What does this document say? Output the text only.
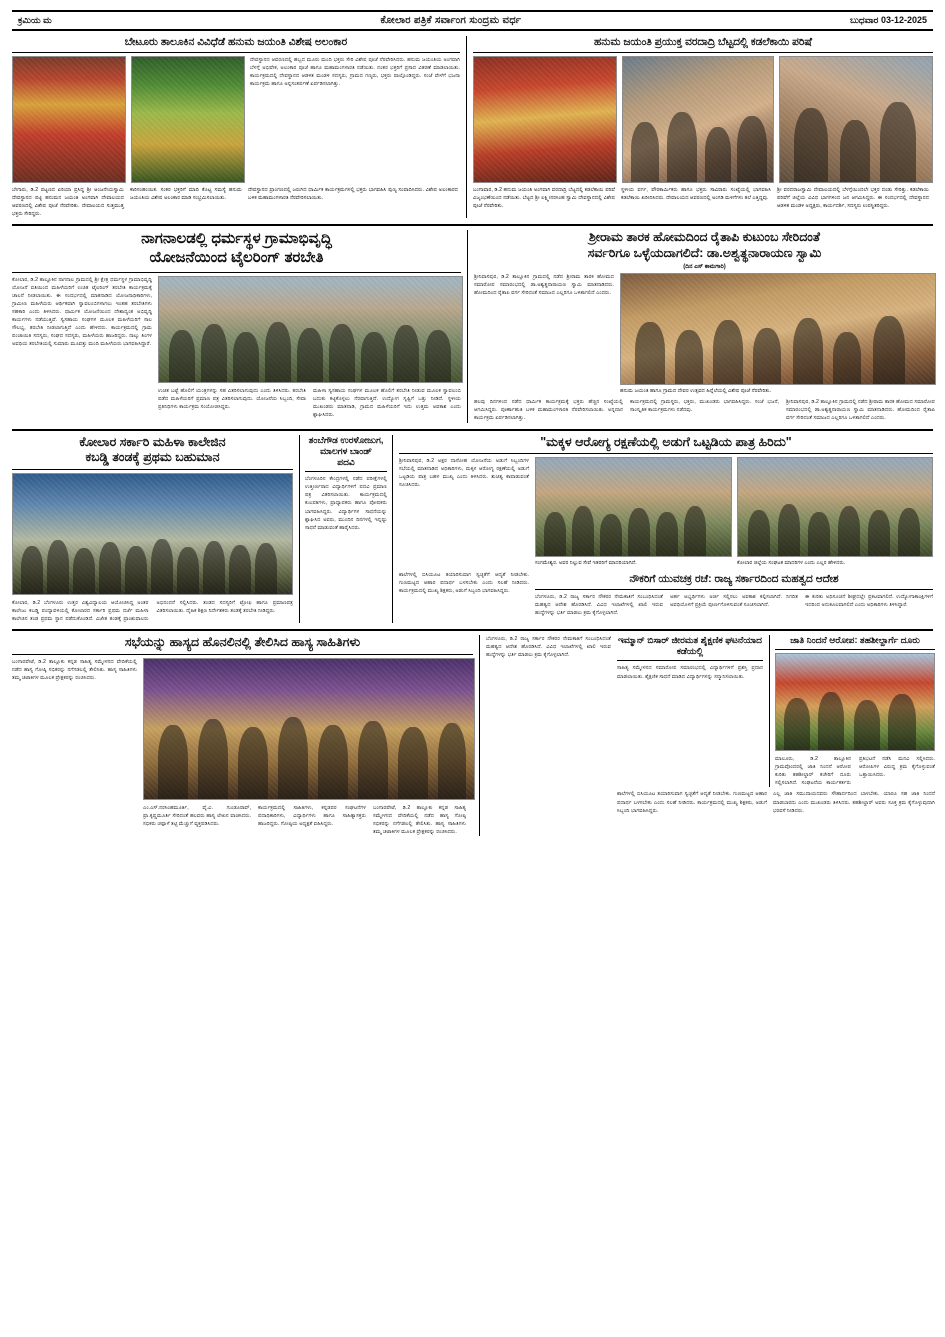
ಕ್ರಮಿಯ ಮ	ಕೋಲಾರ ಪತ್ರಿಕೆ ಸರ್ವಾಂಗ ಸುಂದ್ರಮ ವರ್ಧ	ಬುಧವಾರ 03-12-2025
ಬೇಟೂರು ತಾಲೂಕಿನ ವಿವಿಧೆಡೆ ಹನುಮ ಜಯಂತಿ ವಿಶೇಷ ಅಲಂಕಾರ
ದೇವಸ್ಥಾನದ ಆವರಣದಲ್ಲಿ ಹಬ್ಬದ ಮೂರು ಮಂದಿ ಭಕ್ತರು ಸೇರಿ ವಿಶೇಷ ಪೂಜೆ ನೆರವೇರಿಸಿದರು. ಹನುಮ ಜಯಂತಿಯ ಅಂಗವಾಗಿ ಬೆಳಗ್ಗೆ ಅಭಿಷೇಕ, ಅಲಂಕಾರ ಪೂಜೆ ಹಾಗೂ ಮಹಾಮಂಗಳಾರತಿ ನಡೆಯಿತು. ನಂತರ ಭಕ್ತರಿಗೆ ಪ್ರಸಾದ ವಿತರಣೆ ಮಾಡಲಾಯಿತು. ಕಾರ್ಯಕ್ರಮದಲ್ಲಿ ದೇವಸ್ಥಾನದ ಆಡಳಿತ ಮಂಡಳಿ ಸದಸ್ಯರು, ಗ್ರಾಮದ ಗಣ್ಯರು, ಭಕ್ತರು ಪಾಲ್ಗೊಂಡಿದ್ದರು. ಸಂಜೆ ವೇಳೆಗೆ ಭಜನಾ ಕಾರ್ಯಕ್ರಮ ಹಾಗೂ ಅನ್ನಸಂತರ್ಪಣೆ ಏರ್ಪಡಿಸಲಾಗಿತ್ತು.
ಬೇಗಾರು, ಡಿ.2 ಪಟ್ಟಣದ ಏರಿಯಾ ಪ್ರಸಿದ್ಧ ಶ್ರೀ ಆಂಜನೇಯಸ್ವಾಮಿ ದೇವಸ್ಥಾನದ ಪಟ್ಟಿ ಹನುಮನ ಜಯಂತಿ ಅಂಗವಾಗಿ ದೇವಾಲಯದ ಆವರಣದಲ್ಲಿ ವಿಶೇಷ ಪೂಜೆ ನೆರವೇರಿತು. ದೇವಾಲಯದ ಸುತ್ತಮುತ್ತ ಭಕ್ತರು ಸೇರಿದ್ದರು.
ಕಾರಿಸಂಹಂಯಿತ. ಸಂಕರ ಭಕ್ತರಿಗೆ ಮಾದಿ ಕೊಟ್ಟ ಸಮಸ್ಯೆ ಹನುಮ ಜಯಂತಿಯ ವಿಶೇಷ ಅಲಂಕಾರ ಮಾಡಿ ಸಂಭ್ರಮಿಸಲಾಯಿತು.
ದೇವಸ್ಥಾನದ ಪ್ರಾಂಗಣದಲ್ಲಿ ಜರುಗಿದ ಧಾರ್ಮಿಕ ಕಾರ್ಯಕ್ರಮಗಳಲ್ಲಿ ಭಕ್ತರು ಭಾಗವಹಿಸಿ ಪುಣ್ಯ ಸಂಪಾದಿಸಿದರು. ವಿಶೇಷ ಅಲಂಕಾರದ ಬಳಿಕ ಮಹಾಮಂಗಳಾರತಿ ನೆರವೇರಿಸಲಾಯಿತು.
ಹನುಮ ಜಯಂತಿ ಪ್ರಯುಕ್ತ ವರದಾದ್ರಿ ಬೆಟ್ಟದಲ್ಲಿ ಕಡಲೆಕಾಯಿ ಪರಿಷೆ
ಬಂಗಾವಾರ, ಡಿ.2 ಹನುಮ ಜಯಂತಿ ಅಂಗವಾಗಿ ವರದಾದ್ರಿ ಬೆಟ್ಟದಲ್ಲಿ ಕಡಲೆಕಾಯಿ ಪರಿಷೆ ವಿಜೃಂಭಣೆಯಿಂದ ನಡೆಯಿತು. ಬೆಟ್ಟದ ಶ್ರೀ ಲಕ್ಷ್ಮೀನರಸಿಂಹ ಸ್ವಾಮಿ ದೇವಸ್ಥಾನದಲ್ಲಿ ವಿಶೇಷ ಪೂಜೆ ನೆರವೇರಿತು.
ಸ್ಥಳೀಯ ವರ್ಗ, ಪೌರಕಾರ್ಮಿಕರು ಹಾಗೂ ಭಕ್ತರು ಸಾವಿರಾರು ಸಂಖ್ಯೆಯಲ್ಲಿ ಭಾಗವಹಿಸಿ ಕಡಲೆಕಾಯಿ ಖರೀದಿಸಿದರು. ದೇವಾಲಯದ ಆವರಣದಲ್ಲಿ ಅಂಗಡಿ ಮಳಿಗೆಗಳು ತಲೆ ಎತ್ತಿದ್ದವು.
ಶ್ರೀ ವರದರಾಜಸ್ವಾಮಿ ದೇವಾಲಯದಲ್ಲಿ ಬೆಳಗ್ಗೆಯಿಂದಲೇ ಭಕ್ತರ ದಂಡು ಸೇರಿತ್ತು. ಕಡಲೆಕಾಯಿ ಪರಿಷೆಗೆ ಜಿಲ್ಲೆಯ ವಿವಿಧ ಭಾಗಗಳಿಂದ ಜನ ಆಗಮಿಸಿದ್ದರು. ಈ ಸಂದರ್ಭದಲ್ಲಿ ದೇವಸ್ಥಾನದ ಆಡಳಿತ ಮಂಡಳಿ ಅಧ್ಯಕ್ಷರು, ಕಾರ್ಯದರ್ಶಿ, ಸದಸ್ಯರು ಉಪಸ್ಥಿತರಿದ್ದರು.
ನಾಗನಾಲಡಲ್ಲಿ ಧರ್ಮಸ್ಥಳ ಗ್ರಾಮಾಭಿವೃದ್ಧಿ
ಯೋಜನೆಯಿಂದ ಟೈಲರಿಂಗ್ ತರಬೇತಿ
ಕೋಲಾರ, ಡಿ.2 ತಾಲ್ಲೂಕಿನ ನಾಗನಾಲ ಗ್ರಾಮದಲ್ಲಿ ಶ್ರೀ ಕ್ಷೇತ್ರ ಧರ್ಮಸ್ಥಳ ಗ್ರಾಮಾಭಿವೃದ್ಧಿ ಯೋಜನೆ ವತಿಯಿಂದ ಮಹಿಳೆಯರಿಗೆ ಉಚಿತ ಟೈಲರಿಂಗ್ ತರಬೇತಿ ಕಾರ್ಯಕ್ರಮಕ್ಕೆ ಚಾಲನೆ ನೀಡಲಾಯಿತು. ಈ ಸಂದರ್ಭದಲ್ಲಿ ಮಾತನಾಡಿದ ಯೋಜನಾಧಿಕಾರಿಗಳು, ಗ್ರಾಮೀಣ ಮಹಿಳೆಯರು ಆರ್ಥಿಕವಾಗಿ ಸ್ವಾವಲಂಬಿಗಳಾಗಲು ಇಂತಹ ತರಬೇತಿಗಳು ಸಹಕಾರಿ ಎಂದು ತಿಳಿಸಿದರು. ಧಾರ್ಮಿಕ ಯೋಜನೆಯಿಂದ ದೇಶಾದ್ಯಂತ ಅಭಿವೃದ್ಧಿ ಕಾರ್ಯಗಳು ನಡೆಯುತ್ತಿವೆ. ಸ್ವಸಹಾಯ ಸಂಘಗಳ ಮೂಲಕ ಮಹಿಳೆಯರಿಗೆ ಸಾಲ ಸೌಲಭ್ಯ, ತರಬೇತಿ ನೀಡಲಾಗುತ್ತಿದೆ ಎಂದು ಹೇಳಿದರು. ಕಾರ್ಯಕ್ರಮದಲ್ಲಿ ಗ್ರಾಮ ಪಂಚಾಯಿತಿ ಸದಸ್ಯರು, ಸಂಘದ ಸದಸ್ಯರು, ಮಹಿಳೆಯರು ಹಾಜರಿದ್ದರು. ನಾಲ್ಕು ತಿಂಗಳ ಅವಧಿಯ ತರಬೇತಿಯಲ್ಲಿ ಸುಮಾರು ಮೂವತ್ತು ಮಂದಿ ಮಹಿಳೆಯರು ಭಾಗವಹಿಸಿದ್ದಾರೆ.
ಉಚಿತ ಬಟ್ಟೆ ಹೊಲಿಗೆ ಯಂತ್ರಗಳನ್ನು ಸಹ ವಿತರಿಸಲಾಗುವುದು ಎಂದು ತಿಳಿಸಿದರು. ತರಬೇತಿ ಪಡೆದ ಮಹಿಳೆಯರಿಗೆ ಪ್ರಮಾಣ ಪತ್ರ ವಿತರಿಸಲಾಗುವುದು. ಯೋಜನೆಯ ಸಿಬ್ಬಂದಿ, ಸೇವಾ ಪ್ರತಿನಿಧಿಗಳು ಕಾರ್ಯಕ್ರಮ ಸಂಯೋಜಿಸಿದ್ದರು.
ಮಹಿಳಾ ಸ್ವಸಹಾಯ ಸಂಘಗಳ ಮೂಲಕ ಹೊಲಿಗೆ ತರಬೇತಿ ನೀಡುವ ಮೂಲಕ ಸ್ವಾವಲಂಬಿ ಬದುಕು ಕಟ್ಟಿಕೊಳ್ಳಲು ನೆರವಾಗುತ್ತಿದೆ. ಉದ್ಯೋಗ ಸೃಷ್ಟಿಗೆ ಒತ್ತು ನೀಡಿದೆ. ಸ್ಥಳೀಯ ಮುಖಂಡರು ಮಾತನಾಡಿ, ಗ್ರಾಮದ ಮಹಿಳೆಯರಿಗೆ ಇದು ಉತ್ತಮ ಅವಕಾಶ ಎಂದು ಶ್ಲಾಘಿಸಿದರು.
ಶ್ರೀರಾಮ ತಾರಕ ಹೋಮದಿಂದ ರೈತಾಪಿ ಕುಟುಂಬ ಸೇರಿದಂತೆ
ಸರ್ವರಿಗೂ ಒಳ್ಳೆಯದಾಗಲಿದೆ: ಡಾ.ಅಶ್ವತ್ಥನಾರಾಯಣ ಸ್ವಾಮಿ
(ದಿನ ಎಸ್ ಕಾಮಗಾರಿ)
ಶ್ರೀನಿವಾಸಪುರ, ಡಿ.2 ತಾಲ್ಲೂಕಿನ ಗ್ರಾಮದಲ್ಲಿ ನಡೆದ ಶ್ರೀರಾಮ ತಾರಕ ಹೋಮದ ಸಮಾರೋಪ ಸಮಾರಂಭದಲ್ಲಿ ಡಾ.ಅಶ್ವತ್ಥನಾರಾಯಣ ಸ್ವಾಮಿ ಮಾತನಾಡಿದರು. ಹೋಮದಿಂದ ರೈತಾಪಿ ವರ್ಗ ಸೇರಿದಂತೆ ಸಮಾಜದ ಎಲ್ಲರಿಗೂ ಒಳಿತಾಗಲಿದೆ ಎಂದರು.
ಹನುಮ ಜಯಂತಿ ಹಾಗೂ ಗ್ರಾಮದ ದೇವರ ಉತ್ಸವದ ಹಿನ್ನೆಲೆಯಲ್ಲಿ ವಿಶೇಷ ಪೂಜೆ ನೆರವೇರಿತು.
ಹಲವು ದಿನಗಳಿಂದ ನಡೆದ ಧಾರ್ಮಿಕ ಕಾರ್ಯಕ್ರಮಕ್ಕೆ ಭಕ್ತರು ಹೆಚ್ಚಿನ ಸಂಖ್ಯೆಯಲ್ಲಿ ಆಗಮಿಸಿದ್ದರು. ಪೂರ್ಣಾಹುತಿ ಬಳಿಕ ಮಹಾಮಂಗಳಾರತಿ ನೆರವೇರಿಸಲಾಯಿತು. ಅನ್ನದಾನ ಕಾರ್ಯಕ್ರಮ ಏರ್ಪಡಿಸಲಾಗಿತ್ತು.
ಕಾರ್ಯಕ್ರಮದಲ್ಲಿ ಗ್ರಾಮಸ್ಥರು, ಭಕ್ತರು, ಮುಖಂಡರು ಭಾಗವಹಿಸಿದ್ದರು. ಸಂಜೆ ಭಜನೆ, ಸಾಂಸ್ಕೃತಿಕ ಕಾರ್ಯಕ್ರಮಗಳು ನಡೆದವು.
ಶ್ರೀನಿವಾಸಪುರ, ಡಿ.2 ತಾಲ್ಲೂಕಿನ ಗ್ರಾಮದಲ್ಲಿ ನಡೆದ ಶ್ರೀರಾಮ ತಾರಕ ಹೋಮದ ಸಮಾರೋಪ ಸಮಾರಂಭದಲ್ಲಿ ಡಾ.ಅಶ್ವತ್ಥನಾರಾಯಣ ಸ್ವಾಮಿ ಮಾತನಾಡಿದರು. ಹೋಮದಿಂದ ರೈತಾಪಿ ವರ್ಗ ಸೇರಿದಂತೆ ಸಮಾಜದ ಎಲ್ಲರಿಗೂ ಒಳಿತಾಗಲಿದೆ ಎಂದರು.
ಕೋಲಾರ ಸರ್ಕಾರಿ ಮಹಿಳಾ ಕಾಲೇಜಿನ
ಕಬಡ್ಡಿ ತಂಡಕ್ಕೆ ಪ್ರಥಮ ಬಹುಮಾನ
ಕೋಲಾರ, ಡಿ.2 ಬೆಂಗಳೂರು ಉತ್ತರ ವಿಶ್ವವಿದ್ಯಾಲಯ ಆಯೋಜಿಸಿದ್ದ ಅಂತರ ಕಾಲೇಜು ಕಬಡ್ಡಿ ಪಂದ್ಯಾವಳಿಯಲ್ಲಿ ಕೋಲಾರದ ಸರ್ಕಾರಿ ಪ್ರಥಮ ದರ್ಜೆ ಮಹಿಳಾ ಕಾಲೇಜಿನ ತಂಡ ಪ್ರಥಮ ಸ್ಥಾನ ಪಡೆದುಕೊಂಡಿದೆ. ವಿಜೇತ ತಂಡಕ್ಕೆ ಪ್ರಾಂಶುಪಾಲರು ಅಭಿನಂದನೆ ಸಲ್ಲಿಸಿದರು. ತಂಡದ ಸದಸ್ಯರಿಗೆ ಟ್ರೋಫಿ ಹಾಗೂ ಪ್ರಮಾಣಪತ್ರ ವಿತರಿಸಲಾಯಿತು. ದೈಹಿಕ ಶಿಕ್ಷಣ ನಿರ್ದೇಶಕರು ತಂಡಕ್ಕೆ ತರಬೇತಿ ನೀಡಿದ್ದರು.
ತಂಬೆಗೌಡ ಉರಳೋಜುಗ,
ಮಾಲಗಳ ಬಾಂಡ್
ಪದವಿ
ಬೆಂಗಳೂರಿನ ಕೇಂದ್ರಗಳಲ್ಲಿ ನಡೆದ ಪರೀಕ್ಷೆಗಳಲ್ಲಿ ಉತ್ತೀರ್ಣರಾದ ವಿದ್ಯಾರ್ಥಿಗಳಿಗೆ ಪದವಿ ಪ್ರಮಾಣ ಪತ್ರ ವಿತರಿಸಲಾಯಿತು. ಕಾರ್ಯಕ್ರಮದಲ್ಲಿ ಕುಲಪತಿಗಳು, ಪ್ರಾಧ್ಯಾಪಕರು ಹಾಗೂ ಪೋಷಕರು ಭಾಗವಹಿಸಿದ್ದರು. ವಿದ್ಯಾರ್ಥಿಗಳ ಸಾಧನೆಯನ್ನು ಶ್ಲಾಘಿಸಿದ ಅವರು, ಮುಂದಿನ ದಿನಗಳಲ್ಲಿ ಇನ್ನಷ್ಟು ಸಾಧನೆ ಮಾಡುವಂತೆ ಹಾರೈಸಿದರು.
"ಮಕ್ಕಳ ಆರೋಗ್ಯ ರಕ್ಷಣೆಯಲ್ಲಿ ಅಡುಗೆ ಒಟ್ಟಡಿಯ ಪಾತ್ರ ಹಿರಿದು"
ಶ್ರೀನಿವಾಸಪುರ, ಡಿ.2 ಅಕ್ಷರ ದಾಸೋಹ ಯೋಜನೆಯ ಅಡುಗೆ ಸಿಬ್ಬಂದಿಗಳ ಸಭೆಯಲ್ಲಿ ಮಾತನಾಡಿದ ಅಧಿಕಾರಿಗಳು, ಮಕ್ಕಳ ಆರೋಗ್ಯ ರಕ್ಷಣೆಯಲ್ಲಿ ಅಡುಗೆ ಒಟ್ಟಡಿಯ ಪಾತ್ರ ಬಹಳ ಮುಖ್ಯ ಎಂದು ತಿಳಿಸಿದರು. ಶುಚಿತ್ವ ಕಾಪಾಡುವಂತೆ ಸೂಚಿಸಿದರು.
ಸಂಗಮೇಶ್ವರ. ಅವರ ನಿಲ್ಲುವ ಸೇವೆ ಇತರರಿಗೆ ಮಾದರಿಯಾಗಿದೆ.	ಕೋಲಾರ ಜಿಲ್ಲೆಯ ಸಂಘಟಕ ಮಾದರಿಗಳ ಎಂದು ಎಲ್ಲರ ಹೇಳಿದರು.
ಶಾಲೆಗಳಲ್ಲಿ ಬಿಸಿಯೂಟ ತಯಾರಿಸುವಾಗ ಸ್ವಚ್ಛತೆಗೆ ಆದ್ಯತೆ ನೀಡಬೇಕು. ಗುಣಮಟ್ಟದ ಆಹಾರ ಪದಾರ್ಥ ಬಳಸಬೇಕು ಎಂದು ಸಲಹೆ ನೀಡಿದರು. ಕಾರ್ಯಕ್ರಮದಲ್ಲಿ ಮುಖ್ಯ ಶಿಕ್ಷಕರು, ಅಡುಗೆ ಸಿಬ್ಬಂದಿ ಭಾಗವಹಿಸಿದ್ದರು.
ನೌಕರಿಗೆ ಯುವಚಕ್ರ ರಚೆ: ರಾಜ್ಯ ಸರ್ಕಾರದಿಂದ ಮಹತ್ವದ ಆದೇಶ
ಬೆಂಗಳೂರು, ಡಿ.2 ರಾಜ್ಯ ಸರ್ಕಾರ ನೌಕರರ ನೇಮಕಾತಿಗೆ ಸಂಬಂಧಿಸಿದಂತೆ ಮಹತ್ವದ ಆದೇಶ ಹೊರಡಿಸಿದೆ. ವಿವಿಧ ಇಲಾಖೆಗಳಲ್ಲಿ ಖಾಲಿ ಇರುವ ಹುದ್ದೆಗಳನ್ನು ಭರ್ತಿ ಮಾಡಲು ಕ್ರಮ ಕೈಗೊಳ್ಳಲಾಗಿದೆ.
ಅರ್ಹ ಅಭ್ಯರ್ಥಿಗಳು ಅರ್ಜಿ ಸಲ್ಲಿಸಲು ಅವಕಾಶ ಕಲ್ಪಿಸಲಾಗಿದೆ. ನಿಗದಿತ ಅವಧಿಯೊಳಗೆ ಪ್ರಕ್ರಿಯೆ ಪೂರ್ಣಗೊಳಿಸುವಂತೆ ಸೂಚಿಸಲಾಗಿದೆ.
ಈ ಕುರಿತು ಅಧಿಸೂಚನೆ ಶೀಘ್ರದಲ್ಲೇ ಪ್ರಕಟವಾಗಲಿದೆ. ಉದ್ಯೋಗಾಕಾಂಕ್ಷಿಗಳಿಗೆ ಇದರಿಂದ ಅನುಕೂಲವಾಗಲಿದೆ ಎಂದು ಅಧಿಕಾರಿಗಳು ತಿಳಿಸಿದ್ದಾರೆ.
ಸಭೆಯನ್ನು ಹಾಸ್ಯದ ಹೊನಲಿನಲ್ಲಿ ತೇಲಿಸಿದ ಹಾಸ್ಯ ಸಾಹಿತಿಗಳು
ಬಂಗಾರಪೇಟೆ, ಡಿ.2 ತಾಲ್ಲೂಕು ಕನ್ನಡ ಸಾಹಿತ್ಯ ಸಮ್ಮೇಳನದ ವೇದಿಕೆಯಲ್ಲಿ ನಡೆದ ಹಾಸ್ಯ ಗೋಷ್ಠಿ ಸಭಿಕರನ್ನು ನಗೆಗಡಲಲ್ಲಿ ತೇಲಿಸಿತು. ಹಾಸ್ಯ ಸಾಹಿತಿಗಳು ತಮ್ಮ ಚಟಾಕಿಗಳ ಮೂಲಕ ಪ್ರೇಕ್ಷಕರನ್ನು ರಂಜಿಸಿದರು.
ಎಂ.ಎಸ್.ನರಸಿಂಹಮೂರ್ತಿ, ವೈ.ವಿ. ಗುಂಡೂರಾವ್, ಪ್ರಾ.ಕೃಷ್ಣಮೂರ್ತಿ ಸೇರಿದಂತೆ ಹಲವರು ಹಾಸ್ಯ ಲೇಖನ ವಾಚಿಸಿದರು. ಸಭಿಕರು ಚಪ್ಪಾಳೆ ತಟ್ಟಿ ಮೆಚ್ಚುಗೆ ವ್ಯಕ್ತಪಡಿಸಿದರು.
ಕಾರ್ಯಕ್ರಮದಲ್ಲಿ ಸಾಹಿತಿಗಳು, ಕನ್ನಡಪರ ಸಂಘಟನೆಗಳ ಪದಾಧಿಕಾರಿಗಳು, ವಿದ್ಯಾರ್ಥಿಗಳು ಹಾಗೂ ಸಾಹಿತ್ಯಾಸಕ್ತರು ಹಾಜರಿದ್ದರು. ಗೋಷ್ಠಿಯ ಅಧ್ಯಕ್ಷತೆ ವಹಿಸಿದ್ದರು.
ಬಂಗಾರಪೇಟೆ, ಡಿ.2 ತಾಲ್ಲೂಕು ಕನ್ನಡ ಸಾಹಿತ್ಯ ಸಮ್ಮೇಳನದ ವೇದಿಕೆಯಲ್ಲಿ ನಡೆದ ಹಾಸ್ಯ ಗೋಷ್ಠಿ ಸಭಿಕರನ್ನು ನಗೆಗಡಲಲ್ಲಿ ತೇಲಿಸಿತು. ಹಾಸ್ಯ ಸಾಹಿತಿಗಳು ತಮ್ಮ ಚಟಾಕಿಗಳ ಮೂಲಕ ಪ್ರೇಕ್ಷಕರನ್ನು ರಂಜಿಸಿದರು.
ಬೆಂಗಳೂರು, ಡಿ.2 ರಾಜ್ಯ ಸರ್ಕಾರ ನೌಕರರ ನೇಮಕಾತಿಗೆ ಸಂಬಂಧಿಸಿದಂತೆ ಮಹತ್ವದ ಆದೇಶ ಹೊರಡಿಸಿದೆ. ವಿವಿಧ ಇಲಾಖೆಗಳಲ್ಲಿ ಖಾಲಿ ಇರುವ ಹುದ್ದೆಗಳನ್ನು ಭರ್ತಿ ಮಾಡಲು ಕ್ರಮ ಕೈಗೊಳ್ಳಲಾಗಿದೆ.
ಇಮ್ಮಾನ್ ಬಿಸಾರ್ ಜೀರಮತ ಶೈಕ್ಷಣಿಕ ಘಟನೆಯಾದ ಕಡೆಯಲ್ಲಿ
ಸಾಹಿತ್ಯ ಸಮ್ಮೇಳನದ ಸಮಾರೋಪ ಸಮಾರಂಭದಲ್ಲಿ ವಿದ್ಯಾರ್ಥಿಗಳಿಗೆ ಪ್ರಶಸ್ತಿ ಪ್ರದಾನ ಮಾಡಲಾಯಿತು. ಶೈಕ್ಷಣಿಕ ಸಾಧನೆ ಮಾಡಿದ ವಿದ್ಯಾರ್ಥಿಗಳನ್ನು ಸನ್ಮಾನಿಸಲಾಯಿತು.
ಜಾತಿ ನಿಂದನೆ ಆರೋಪ: ತಹಶೀಲ್ದಾರ್ಗೆ ದೂರು
ಮಾಲೂರು, ಡಿ.2 ತಾಲ್ಲೂಕಿನ ಗ್ರಾಮವೊಂದರಲ್ಲಿ ಜಾತಿ ನಿಂದನೆ ಆರೋಪ ಕುರಿತು ತಹಶೀಲ್ದಾರ್ ಕಚೇರಿಗೆ ದೂರು ಸಲ್ಲಿಸಲಾಗಿದೆ. ಸಂಘಟನೆಯ ಕಾರ್ಯಕರ್ತರು ಪ್ರತಿಭಟನೆ ನಡೆಸಿ ಮನವಿ ಸಲ್ಲಿಸಿದರು. ಆರೋಪಿಗಳ ವಿರುದ್ಧ ಕ್ರಮ ಕೈಗೊಳ್ಳುವಂತೆ ಒತ್ತಾಯಿಸಿದರು.
ಶಾಲೆಗಳಲ್ಲಿ ಬಿಸಿಯೂಟ ತಯಾರಿಸುವಾಗ ಸ್ವಚ್ಛತೆಗೆ ಆದ್ಯತೆ ನೀಡಬೇಕು. ಗುಣಮಟ್ಟದ ಆಹಾರ ಪದಾರ್ಥ ಬಳಸಬೇಕು ಎಂದು ಸಲಹೆ ನೀಡಿದರು. ಕಾರ್ಯಕ್ರಮದಲ್ಲಿ ಮುಖ್ಯ ಶಿಕ್ಷಕರು, ಅಡುಗೆ ಸಿಬ್ಬಂದಿ ಭಾಗವಹಿಸಿದ್ದರು.
ಎಲ್ಲ ಜಾತಿ ಸಮುದಾಯದವರು ಸೌಹಾರ್ದದಿಂದ ಬಾಳಬೇಕು. ಯಾರೂ ಸಹ ಜಾತಿ ನಿಂದನೆ ಮಾಡಬಾರದು ಎಂದು ಮುಖಂಡರು ತಿಳಿಸಿದರು. ತಹಶೀಲ್ದಾರ್ ಅವರು ಸೂಕ್ತ ಕ್ರಮ ಕೈಗೊಳ್ಳುವುದಾಗಿ ಭರವಸೆ ನೀಡಿದರು.
